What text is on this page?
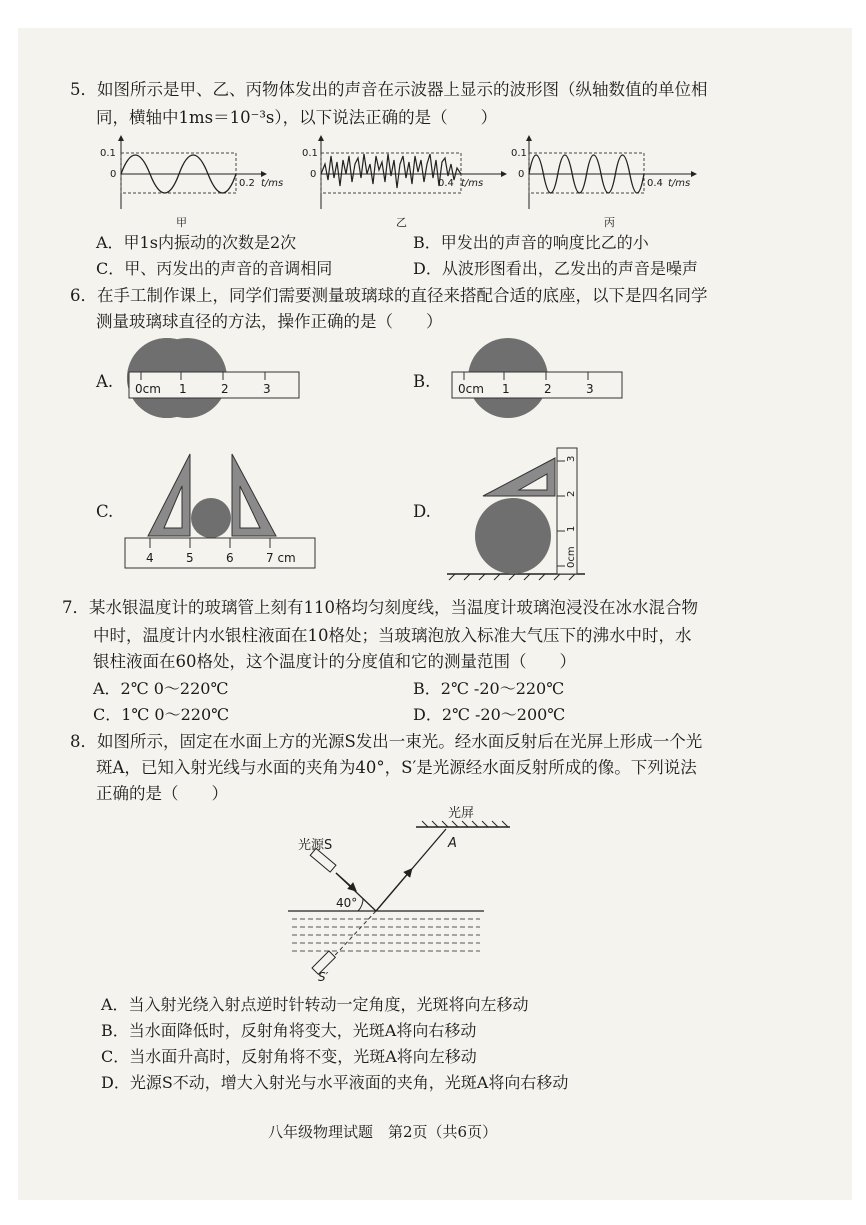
5．如图所示是甲、乙、丙物体发出的声音在示波器上显示的波形图（纵轴数值的单位相
同，横轴中1ms＝10⁻³s），以下说法正确的是（　　）
0.1
0
0.2 t/ms
甲
0.1
0
0.4 t/ms
乙
0.1
0
0.4 t/ms
丙
A．甲1s内振动的次数是2次	B．甲发出的声音的响度比乙的小
C．甲、丙发出的声音的音调相同	D．从波形图看出，乙发出的声音是噪声
6．在手工制作课上，同学们需要测量玻璃球的直径来搭配合适的底座，以下是四名同学
测量玻璃球直径的方法，操作正确的是（　　）
A. 0cm 1	2	3	B. 0cm 1	2	3
C.
4	5	6	7 cm
D.
0cm
1
2
3
7．某水银温度计的玻璃管上刻有110格均匀刻度线，当温度计玻璃泡浸没在冰水混合物
中时，温度计内水银柱液面在10格处；当玻璃泡放入标准大气压下的沸水中时，水
银柱液面在60格处，这个温度计的分度值和它的测量范围（　　）
A．2℃ 0～220℃	B．2℃ -20～220℃
C．1℃ 0～220℃	D．2℃ -20～200℃
8．如图所示，固定在水面上方的光源S发出一束光。经水面反射后在光屏上形成一个光
斑A，已知入射光线与水面的夹角为40°，S′是光源经水面反射所成的像。下列说法
正确的是（　　）
光屏
光源S	A
40°
S′
A．当入射光绕入射点逆时针转动一定角度，光斑将向左移动
B．当水面降低时，反射角将变大，光斑A将向右移动
C．当水面升高时，反射角将不变，光斑A将向左移动
D．光源S不动，增大入射光与水平液面的夹角，光斑A将向右移动
八年级物理试题　第2页（共6页）
